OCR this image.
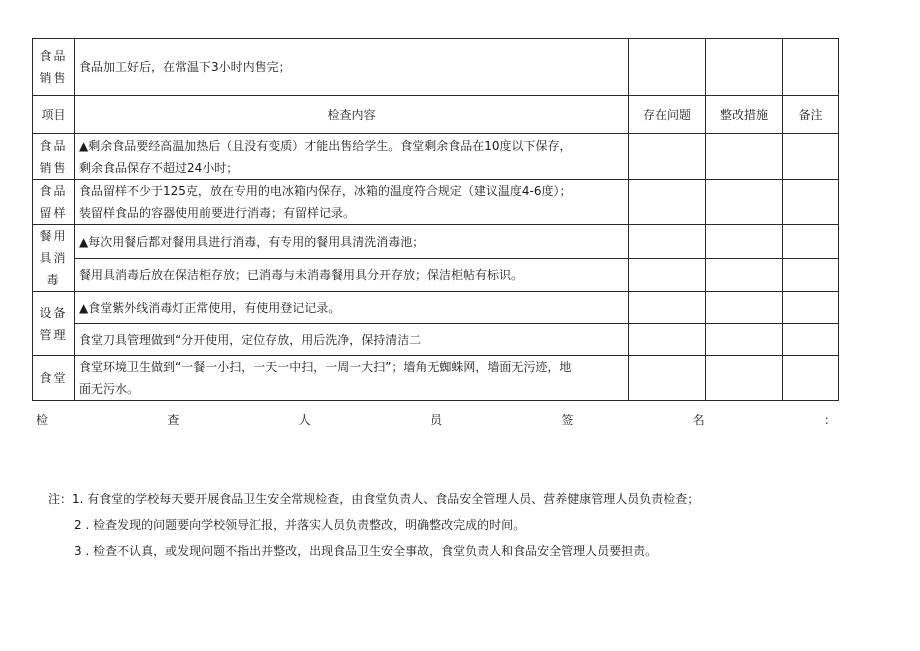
食品销售	食品加工好后，在常温下3小时内售完；			
项目	检查内容	存在问题	整改措施	备注
食品销售	▲剩余食品要经高温加热后（且没有变质）才能出售给学生。食堂剩余食品在10度以下保存，
剩余食品保存不超过24小时；			

食品留样	食品留样不少于125克，放在专用的电冰箱内保存，冰箱的温度符合规定（建议温度4-6度）；
装留样食品的容器使用前要进行消毒；有留样记录。			

餐用具消毒	▲每次用餐后都对餐用具进行消毒，有专用的餐用具清洗消毒池；			
	餐用具消毒后放在保洁柜存放；已消毒与未消毒餐用具分开存放；保洁柜帖有标识。			
设备管理	▲食堂紫外线消毒灯正常使用，有使用登记记录。			
	食堂刀具管理做到“分开使用，定位存放，用后洗净，保持清洁二			
食堂	食堂环境卫生做到“一餐一小扫，一天一中扫，一周一大扫”；墙角无蜘蛛网，墙面无污迹，地
面无污水。			

检	查	人	员	签	名	：
注：1. 有食堂的学校每天要开展食品卫生安全常规检查，由食堂负责人、食品安全管理人员、营养健康管理人员负责检查；
2 . 检查发现的问题要向学校领导汇报，并落实人员负责整改，明确整改完成的时间。
3 . 检查不认真，或发现问题不指出并整改，出现食品卫生安全事故，食堂负责人和食品安全管理人员要担责。
